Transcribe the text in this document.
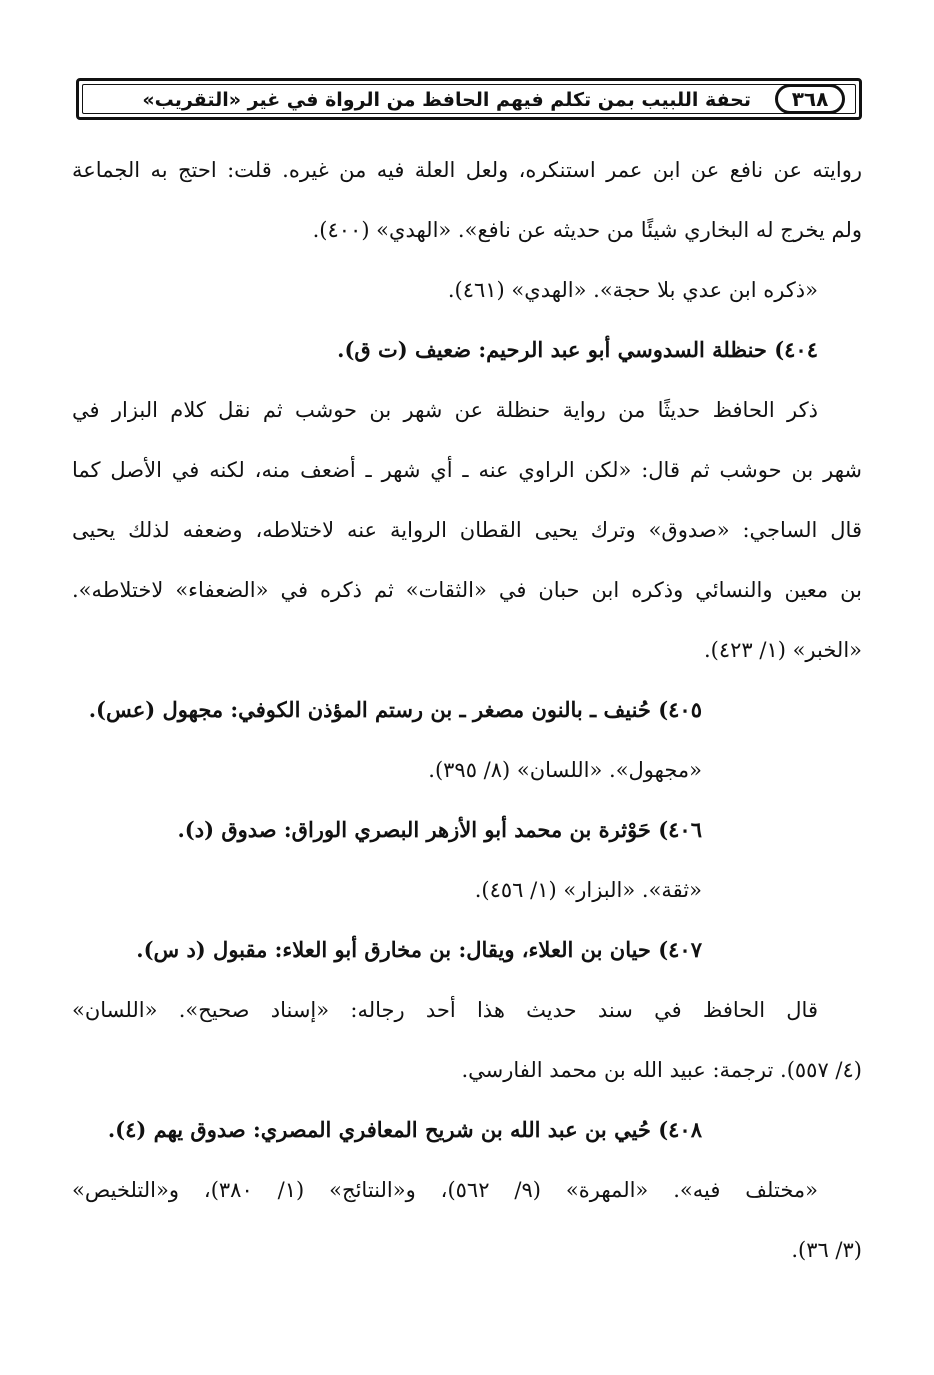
٣٦٨
تحفة اللبيب بمن تكلم فيهم الحافظ من الرواة في غير «التقريب»
روايته عن نافع عن ابن عمر استنكره، ولعل العلة فيه من غيره. قلت: احتج به الجماعة
ولم يخرج له البخاري شيئًا من حديثه عن نافع». «الهدي» (٤٠٠).
«ذكره ابن عدي بلا حجة». «الهدي» (٤٦١).
٤٠٤) حنظلة السدوسي أبو عبد الرحيم: ضعيف (ت ق).
ذكر الحافظ حديثًا من رواية حنظلة عن شهر بن حوشب ثم نقل كلام البزار في
شهر بن حوشب ثم قال: «لكن الراوي عنه ـ أي شهر ـ أضعف منه، لكنه في الأصل كما
قال الساجي: «صدوق» وترك يحيى القطان الرواية عنه لاختلاطه، وضعفه لذلك يحيى
بن معين والنسائي وذكره ابن حبان في «الثقات» ثم ذكره في «الضعفاء» لاختلاطه».
«الخبر» (١/ ٤٢٣).
٤٠٥) حُنيف ـ بالنون مصغر ـ بن رستم المؤذن الكوفي: مجهول (عس).
«مجهول». «اللسان» (٨/ ٣٩٥).
٤٠٦) حَوْثرة بن محمد أبو الأزهر البصري الوراق: صدوق (د).
«ثقة». «البزار» (١/ ٤٥٦).
٤٠٧) حيان بن العلاء، ويقال: بن مخارق أبو العلاء: مقبول (د س).
قال الحافظ في سند حديث هذا أحد رجاله: «إسناد صحيح». «اللسان»
(٤/ ٥٥٧). ترجمة: عبيد الله بن محمد الفارسي.
٤٠٨) حُيي بن عبد الله بن شريح المعافري المصري: صدوق يهم (٤).
«مختلف فيه». «المهرة» (٩/ ٥٦٢)، و«النتائج» (١/ ٣٨٠)، و«التلخيص»
(٣/ ٣٦).
